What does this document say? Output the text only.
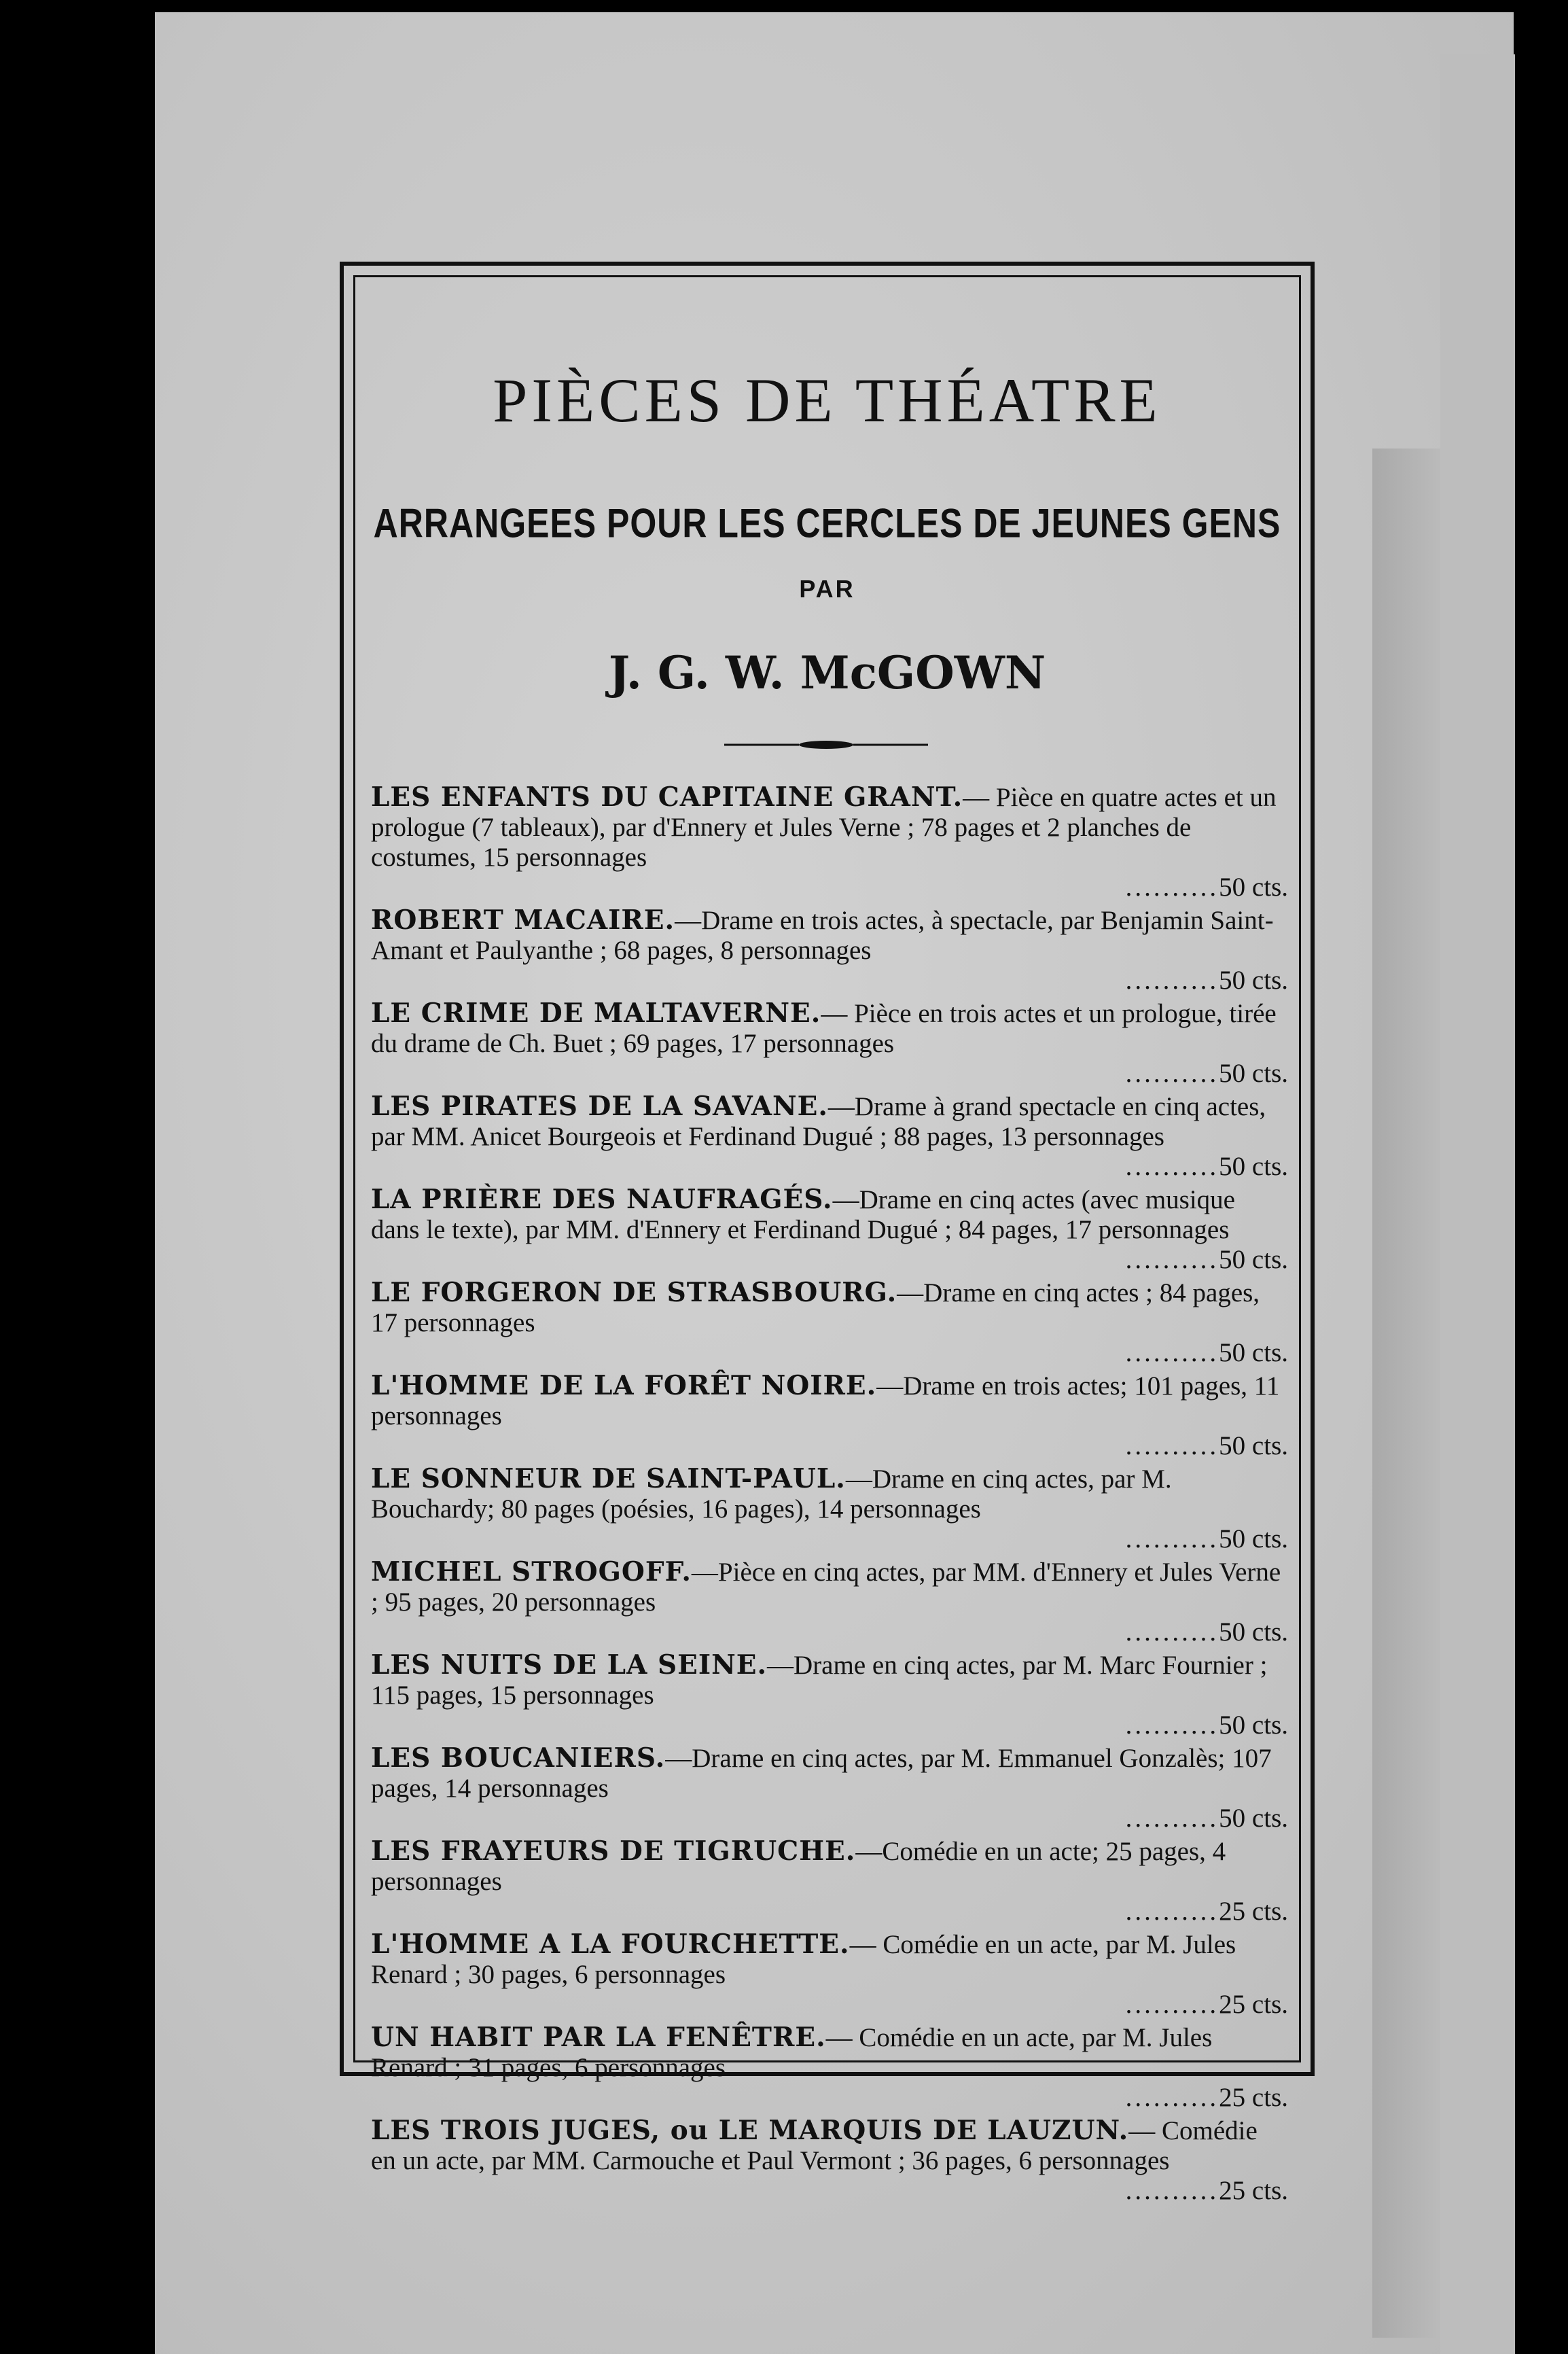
PIÈCES DE THÉATRE
ARRANGEES POUR LES CERCLES DE JEUNES GENS
PAR
J. G. W. McGOWN
LES ENFANTS DU CAPITAINE GRANT.— Pièce en quatre actes et un prologue (7 tableaux), par d'Ennery et Jules Verne ; 78 pages et 2 planches de costumes, 15 personnages
..........50 cts.
ROBERT MACAIRE.—Drame en trois actes, à spectacle, par Benjamin Saint-Amant et Paulyanthe ; 68 pages, 8 personnages
..........50 cts.
LE CRIME DE MALTAVERNE.— Pièce en trois actes et un prologue, tirée du drame de Ch. Buet ; 69 pages, 17 personnages
..........50 cts.
LES PIRATES DE LA SAVANE.—Drame à grand spectacle en cinq actes, par MM. Anicet Bourgeois et Ferdinand Dugué ; 88 pages, 13 personnages
..........50 cts.
LA PRIÈRE DES NAUFRAGÉS.—Drame en cinq actes (avec musique dans le texte), par MM. d'Ennery et Ferdinand Dugué ; 84 pages, 17 personnages
..........50 cts.
LE FORGERON DE STRASBOURG.—Drame en cinq actes ; 84 pages, 17 personnages
..........50 cts.
L'HOMME DE LA FORÊT NOIRE.—Drame en trois actes; 101 pages, 11 personnages
..........50 cts.
LE SONNEUR DE SAINT-PAUL.—Drame en cinq actes, par M. Bouchardy; 80 pages (poésies, 16 pages), 14 personnages
..........50 cts.
MICHEL STROGOFF.—Pièce en cinq actes, par MM. d'Ennery et Jules Verne ; 95 pages, 20 personnages
..........50 cts.
LES NUITS DE LA SEINE.—Drame en cinq actes, par M. Marc Fournier ; 115 pages, 15 personnages
..........50 cts.
LES BOUCANIERS.—Drame en cinq actes, par M. Emmanuel Gonzalès; 107 pages, 14 personnages
..........50 cts.
LES FRAYEURS DE TIGRUCHE.—Comédie en un acte; 25 pages, 4 personnages
..........25 cts.
L'HOMME A LA FOURCHETTE.— Comédie en un acte, par M. Jules Renard ; 30 pages, 6 personnages
..........25 cts.
UN HABIT PAR LA FENÊTRE.— Comédie en un acte, par M. Jules Renard ; 31 pages, 6 personnages
..........25 cts.
LES TROIS JUGES, ou LE MARQUIS DE LAUZUN.— Comédie en un acte, par MM. Carmouche et Paul Vermont ; 36 pages, 6 personnages
..........25 cts.
